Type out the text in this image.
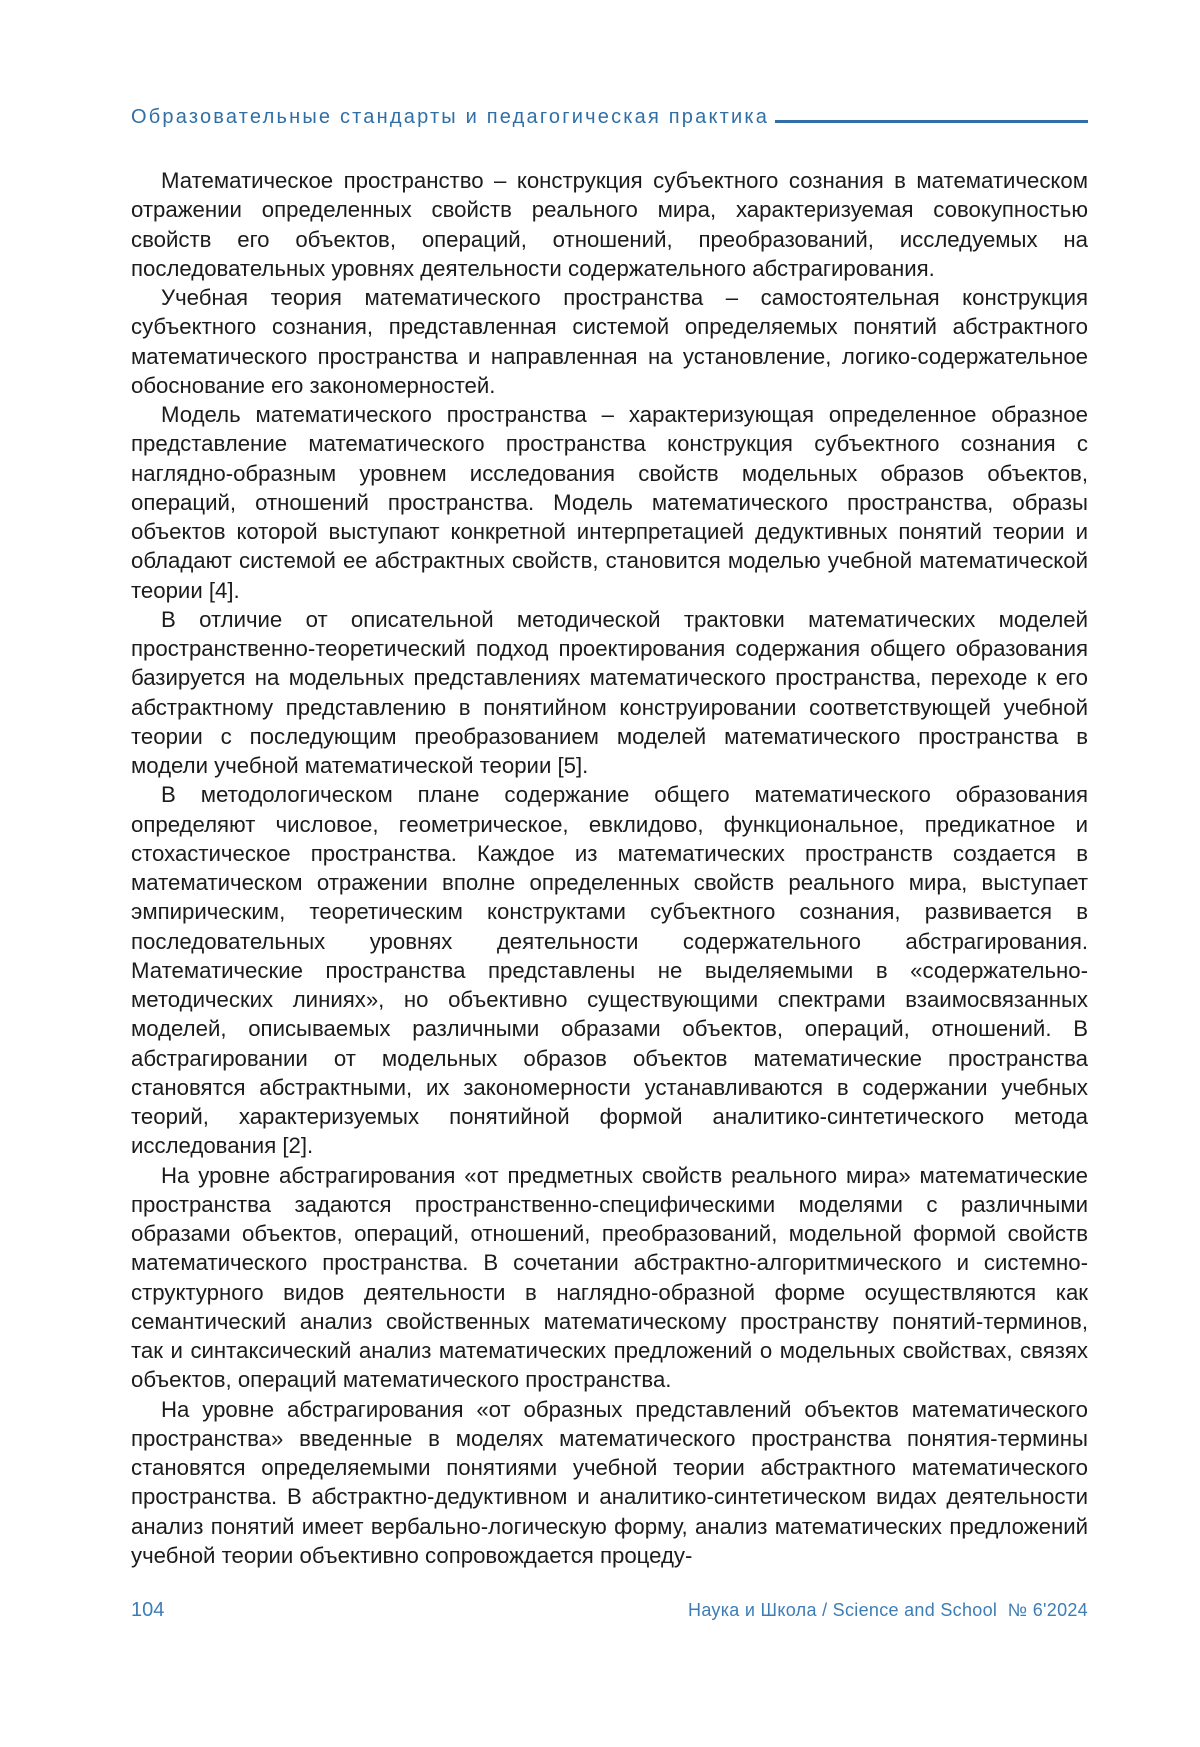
Образовательные стандарты и педагогическая практика

Математическое пространство – конструкция субъектного сознания в математическом отражении определенных свойств реального мира, характеризуемая совокупностью свойств его объектов, операций, отношений, преобразований, исследуемых на последовательных уровнях деятельности содержательного абстрагирования.

Учебная теория математического пространства – самостоятельная конструкция субъектного сознания, представленная системой определяемых понятий абстрактного математического пространства и направленная на установление, логико-содержательное обоснование его закономерностей.

Модель математического пространства – характеризующая определенное образное представление математического пространства конструкция субъектного сознания с наглядно-образным уровнем исследования свойств модельных образов объектов, операций, отношений пространства. Модель математического пространства, образы объектов которой выступают конкретной интерпретацией дедуктивных понятий теории и обладают системой ее абстрактных свойств, становится моделью учебной математической теории [4].

В отличие от описательной методической трактовки математических моделей пространственно-теоретический подход проектирования содержания общего образования базируется на модельных представлениях математического пространства, переходе к его абстрактному представлению в понятийном конструировании соответствующей учебной теории с последующим преобразованием моделей математического пространства в модели учебной математической теории [5].

В методологическом плане содержание общего математического образования определяют числовое, геометрическое, евклидово, функциональное, предикатное и стохастическое пространства. Каждое из математических пространств создается в математическом отражении вполне определенных свойств реального мира, выступает эмпирическим, теоретическим конструктами субъектного сознания, развивается в последовательных уровнях деятельности содержательного абстрагирования. Математические пространства представлены не выделяемыми в «содержательно-методических линиях», но объективно существующими спектрами взаимосвязанных моделей, описываемых различными образами объектов, операций, отношений. В абстрагировании от модельных образов объектов математические пространства становятся абстрактными, их закономерности устанавливаются в содержании учебных теорий, характеризуемых понятийной формой аналитико-синтетического метода исследования [2].

На уровне абстрагирования «от предметных свойств реального мира» математические пространства задаются пространственно-специфическими моделями с различными образами объектов, операций, отношений, преобразований, модельной формой свойств математического пространства. В сочетании абстрактно-алгоритмического и системно-структурного видов деятельности в наглядно-образной форме осуществляются как семантический анализ свойственных математическому пространству понятий-терминов, так и синтаксический анализ математических предложений о модельных свойствах, связях объектов, операций математического пространства.

На уровне абстрагирования «от образных представлений объектов математического пространства» введенные в моделях математического пространства понятия-термины становятся определяемыми понятиями учебной теории абстрактного математического пространства. В абстрактно-дедуктивном и аналитико-синтетическом видах деятельности анализ понятий имеет вербально-логическую форму, анализ математических предложений учебной теории объективно сопровождается процеду-

104	Наука и Школа / Science and School № 6'2024
